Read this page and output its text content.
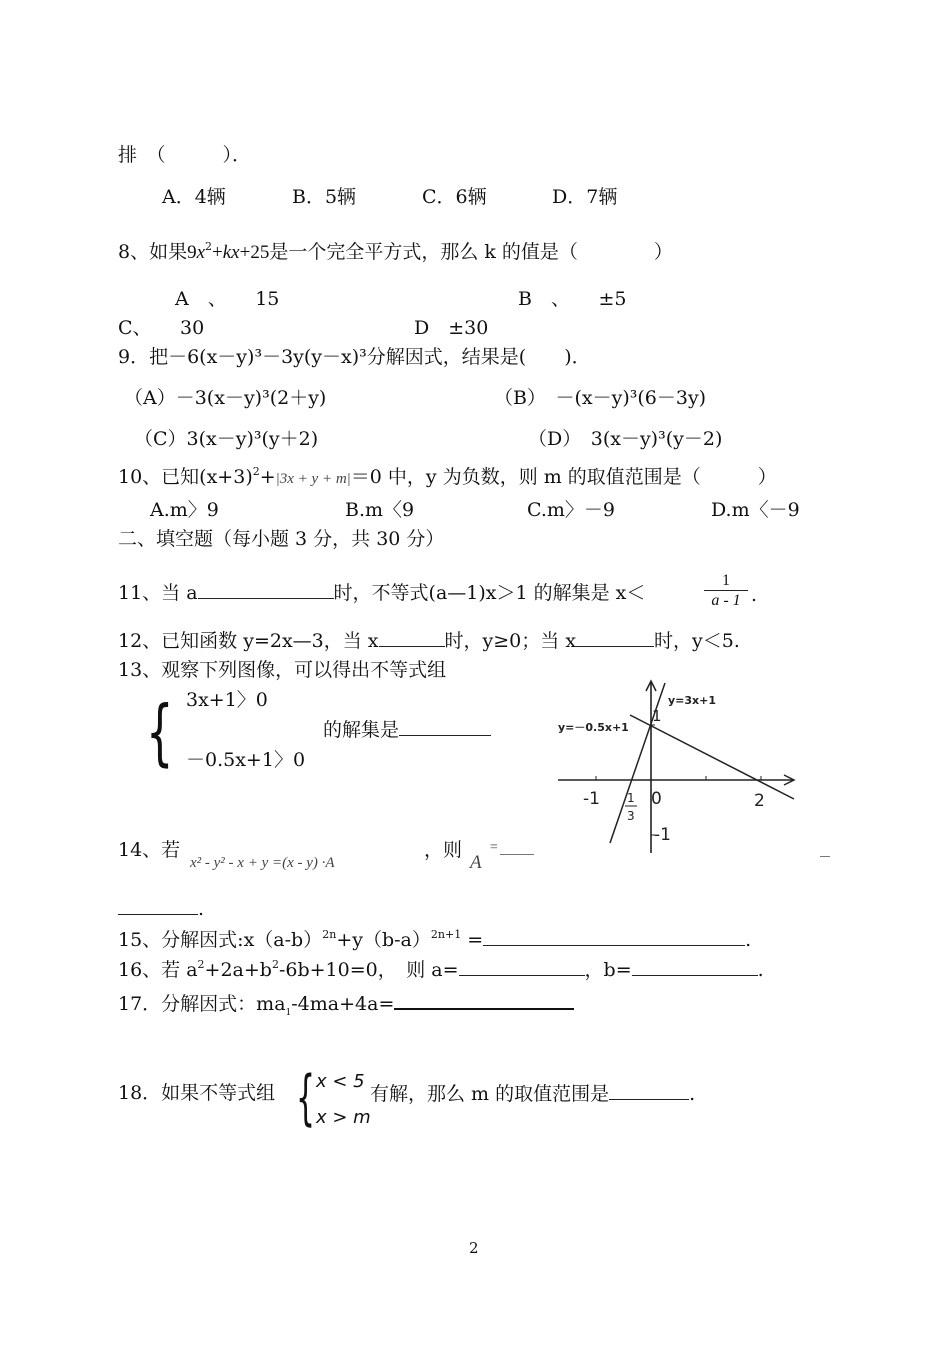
排　（　　　）．
A．4辆	B．5辆	C．6辆	D．7辆
8、如果$9x^2+kx+25$是一个完全平方式，那么 k 的值是（　　　　）
A　、　　15	B　、　　±5
C、　　30	D　±30
9．把－6(x－y)³－3y(y－x)³分解因式，结果是(　　)．
（A）－3(x－y)³(2＋y)	（B）　－(x－y)³(6－3y)
（C）3(x－y)³(y＋2)	（D）　3(x－y)³(y－2)
10、已知$(x+3)^2+|3x + y + m|=0$ 中，y 为负数，则 m 的取值范围是（　　　）
A.m〉9	B.m〈9	C.m〉－9	D.m〈－9
二、填空题（每小题 3 分，共 30 分）
11、当 a	时，不等式(a—1)x＞1 的解集是 x＜	$\frac{1}{a - 1}$ .
12、已知函数 y=2x—3，当 x	时，y≥0；当 x	时，y＜5.
13、观察下列图像，可以得出不等式组
{ 3x+1〉0
－0.5x+1〉0
的解集是
y=3x+1
y=－0.5x+1
1
-1	0	2
-1
1
3
14、若
x² - y² - x + y =(x - y) ·A
，则
A
=
.
15、分解因式$:x(a-b)^{2n}+y(b-a)^{2n+1}$ =	.
16、若 $a^2+2a+b^2-6b+10=0$，　则 a=	，b=	.
17．分解因式：$ma_1-4ma+4a=$
18．如果不等式组 { x < 5
x > m
有解，那么 m 的取值范围是	.
2
